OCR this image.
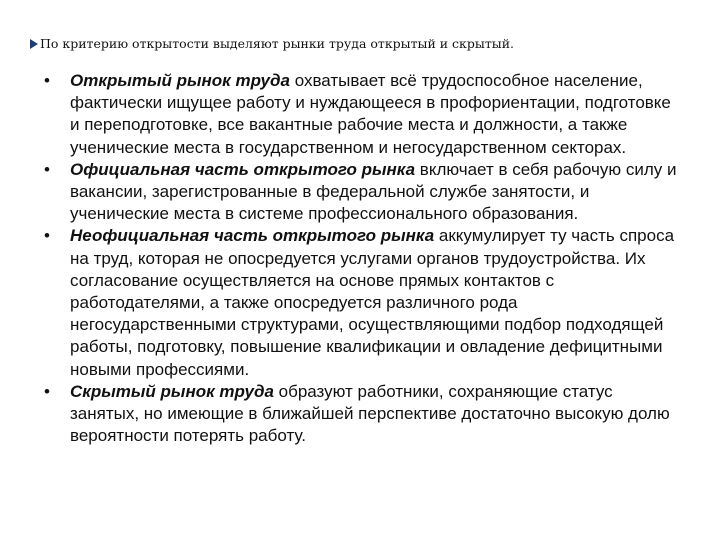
По критерию открытости выделяют рынки труда открытый и скрытый.
•	Открытый рынок труда охватывает всё трудоспособное население, фактически ищущее работу и нуждающееся в профориентации, подготовке и переподготовке, все вакантные рабочие места и должности, а также ученические места в государственном и негосударственном секторах.
•	Официальная часть открытого рынка включает в себя рабочую силу и вакансии, зарегистрованные в федеральной службе занятости, и ученические места в системе профессионального образования.
•	Неофициальная часть открытого рынка аккумулирует ту часть спроса на труд, которая не опосредуется услугами органов трудоустройства. Их согласование осуществляется на основе прямых контактов с работодателями, а также опосредуется различного рода негосударственными структурами, осуществляющими подбор подходящей работы, подготовку, повышение квалификации и овладение дефицитными новыми профессиями.
•	Скрытый рынок труда образуют работники, сохраняющие статус занятых, но имеющие в ближайшей перспективе достаточно высокую долю вероятности потерять работу.
